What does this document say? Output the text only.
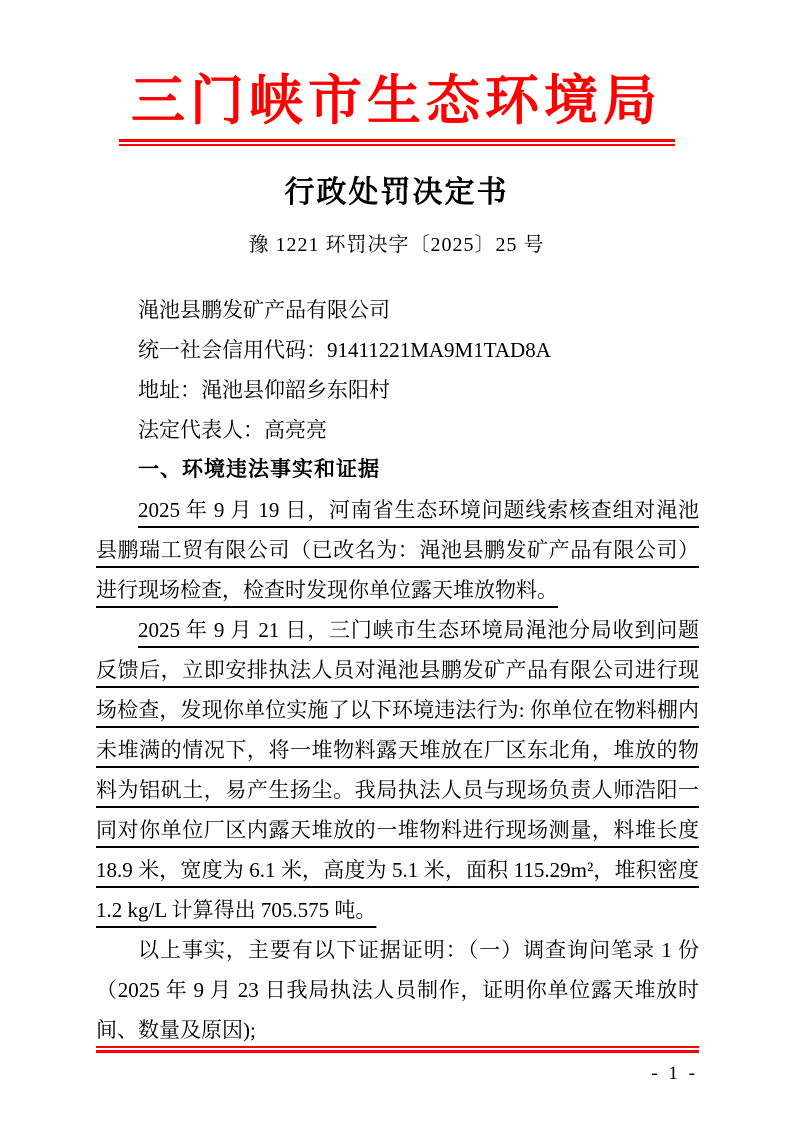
三门峡市生态环境局
行政处罚决定书
豫 1221 环罚决字〔2025〕25 号

渑池县鹏发矿产品有限公司

统一社会信用代码：91411221MA9M1TAD8A

地址：渑池县仰韶乡东阳村

法定代表人：高亮亮

一、环境违法事实和证据

2025 年 9 月 19 日，河南省生态环境问题线索核查组对渑池县鹏瑞工贸有限公司（已改名为：渑池县鹏发矿产品有限公司）进行现场检查，检查时发现你单位露天堆放物料。

2025 年 9 月 21 日，三门峡市生态环境局渑池分局收到问题反馈后，立即安排执法人员对渑池县鹏发矿产品有限公司进行现场检查，发现你单位实施了以下环境违法行为: 你单位在物料棚内未堆满的情况下，将一堆物料露天堆放在厂区东北角，堆放的物料为铝矾土，易产生扬尘。我局执法人员与现场负责人师浩阳一同对你单位厂区内露天堆放的一堆物料进行现场测量，料堆长度 18.9 米，宽度为 6.1 米，高度为 5.1 米，面积 115.29m²，堆积密度 1.2 kg/L 计算得出 705.575 吨。

以上事实，主要有以下证据证明：（一）调查询问笔录 1 份（2025 年 9 月 23 日我局执法人员制作，证明你单位露天堆放时间、数量及原因);

- 1 -
